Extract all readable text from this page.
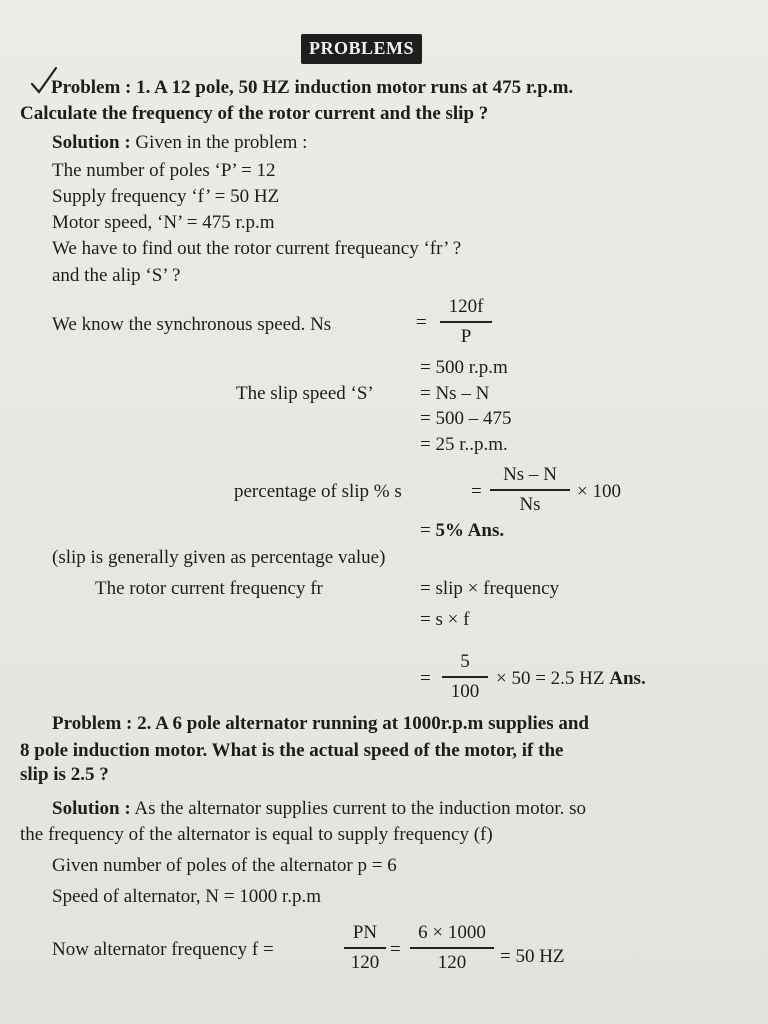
PROBLEMS
Problem : 1. A 12 pole, 50 HZ induction motor runs at 475 r.p.m.
Calculate the frequency of the rotor current and the slip ?
Solution : Given in the problem :
The number of poles ‘P’ = 12
Supply frequency ‘f’ = 50 HZ
Motor speed, ‘N’ = 475 r.p.m
We have to find out the rotor current frequeancy ‘fr’ ?
and the alip ‘S’ ?
We know the synchronous speed. Ns	=
120f
P
= 500 r.p.m
The slip speed ‘S’ = Ns – N
= 500 – 475
= 25 r..p.m.
percentage of slip % s	=
Ns – N
Ns
× 100
= 5% Ans.
(slip is generally given as percentage value)
The rotor current frequency fr	= slip × frequency
= s × f
=
5
100
× 50 = 2.5 HZ Ans.
Problem : 2. A 6 pole alternator running at 1000r.p.m supplies and
8 pole induction motor. What is the actual speed of the motor, if the
slip is 2.5 ?
Solution : As the alternator supplies current to the induction motor. so
the frequency of the alternator is equal to supply frequency (f)
Given number of poles of the alternator p = 6
Speed of alternator, N = 1000 r.p.m
Now alternator frequency f =
PN
120
=
6 × 1000
120	= 50 HZ
